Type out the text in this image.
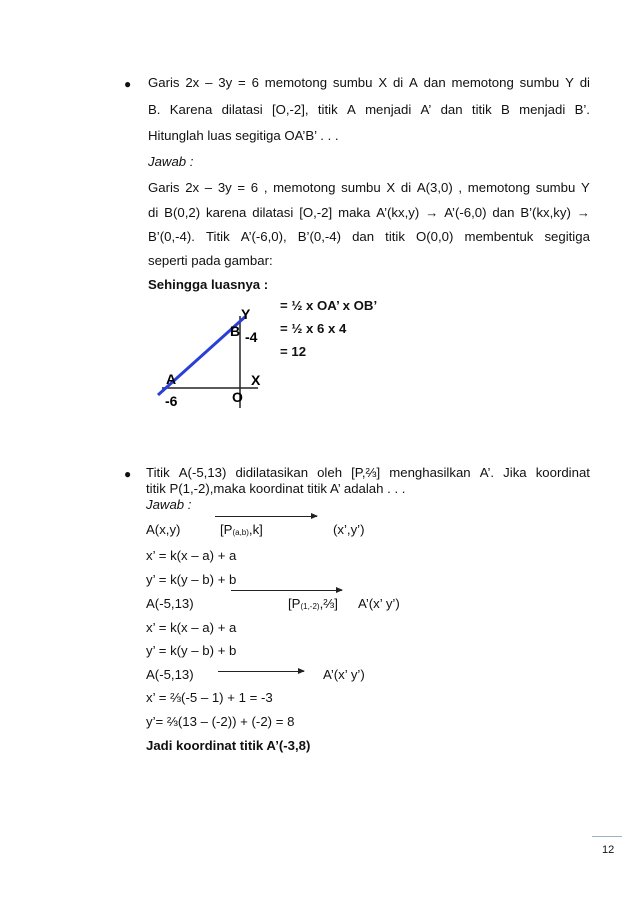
● Garis 2x – 3y = 6 memotong sumbu X di A dan memotong sumbu Y di
B. Karena dilatasi [O,-2], titik A menjadi A’ dan titik B menjadi B’.
Hitunglah luas segitiga OA’B’ . . .
Jawab :
Garis 2x – 3y = 6 , memotong sumbu X di A(3,0) , memotong sumbu Y
di B(0,2) karena dilatasi [O,-2] maka A’(kx,y) → A’(-6,0) dan B’(kx,ky) →
B’(0,-4). Titik A’(-6,0), B’(0,-4) dan titik O(0,0) membentuk segitiga
seperti pada gambar:
Sehingga luasnya :
= ½ x OA’ x OB’
= ½ x 6 x 4
= 12
Y
B -4
A	X
-6	O
● Titik A(-5,13) didilatasikan oleh [P,⅔] menghasilkan A’. Jika koordinat
titik P(1,-2),maka koordinat titik A’ adalah . . .
Jawab :
A(x,y)	[P(a,b),k]	(x’,y’)
x’ = k(x – a) + a
y’ = k(y – b) + b
A(-5,13)	[P(1,-2),⅔] A’(x’ y’)
x’ = k(x – a) + a
y’ = k(y – b) + b
A(-5,13)	A’(x’ y’)
x’ = ⅔(-5 – 1) + 1 = -3
y’= ⅔(13 – (-2)) + (-2) = 8
Jadi koordinat titik A’(-3,8)
12
